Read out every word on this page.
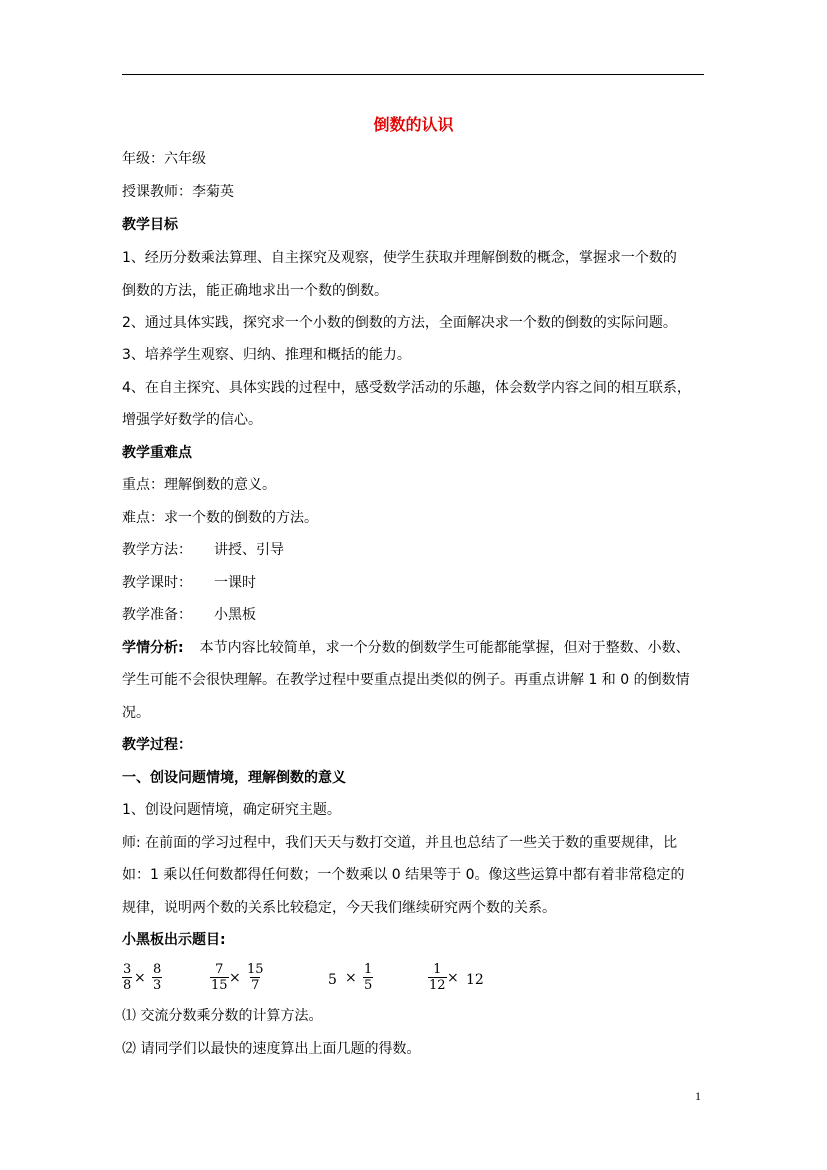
倒数的认识
年级：六年级
授课教师：李菊英
教学目标
1、经历分数乘法算理、自主探究及观察，使学生获取并理解倒数的概念，掌握求一个数的
倒数的方法，能正确地求出一个数的倒数。
2、通过具体实践，探究求一个小数的倒数的方法，全面解决求一个数的倒数的实际问题。
3、培养学生观察、归纳、推理和概括的能力。
4、在自主探究、具体实践的过程中，感受数学活动的乐趣，体会数学内容之间的相互联系，
增强学好数学的信心。
教学重难点
重点：理解倒数的意义。
难点：求一个数的倒数的方法。
教学方法： 讲授、引导
教学课时： 一课时
教学准备： 小黑板
学情分析: 本节内容比较简单，求一个分数的倒数学生可能都能掌握，但对于整数、小数、
学生可能不会很快理解。在教学过程中要重点提出类似的例子。再重点讲解 1 和 0 的倒数情
况。
教学过程：
一、创设问题情境，理解倒数的意义
1、创设问题情境，确定研究主题。
师: 在前面的学习过程中，我们天天与数打交道，并且也总结了一些关于数的重要规律，比
如：1 乘以任何数都得任何数；一个数乘以 0 结果等于 0。像这些运算中都有着非常稳定的
规律，说明两个数的关系比较稳定，今天我们继续研究两个数的关系。
小黑板出示题目:
$\frac{3}{8} \times \frac{8}{3}$	$\frac{7}{15} \times \frac{15}{7}$	$5 \times \frac{1}{5}$	$\frac{1}{12} \times 12$
⑴ 交流分数乘分数的计算方法。
⑵ 请同学们以最快的速度算出上面几题的得数。
1
